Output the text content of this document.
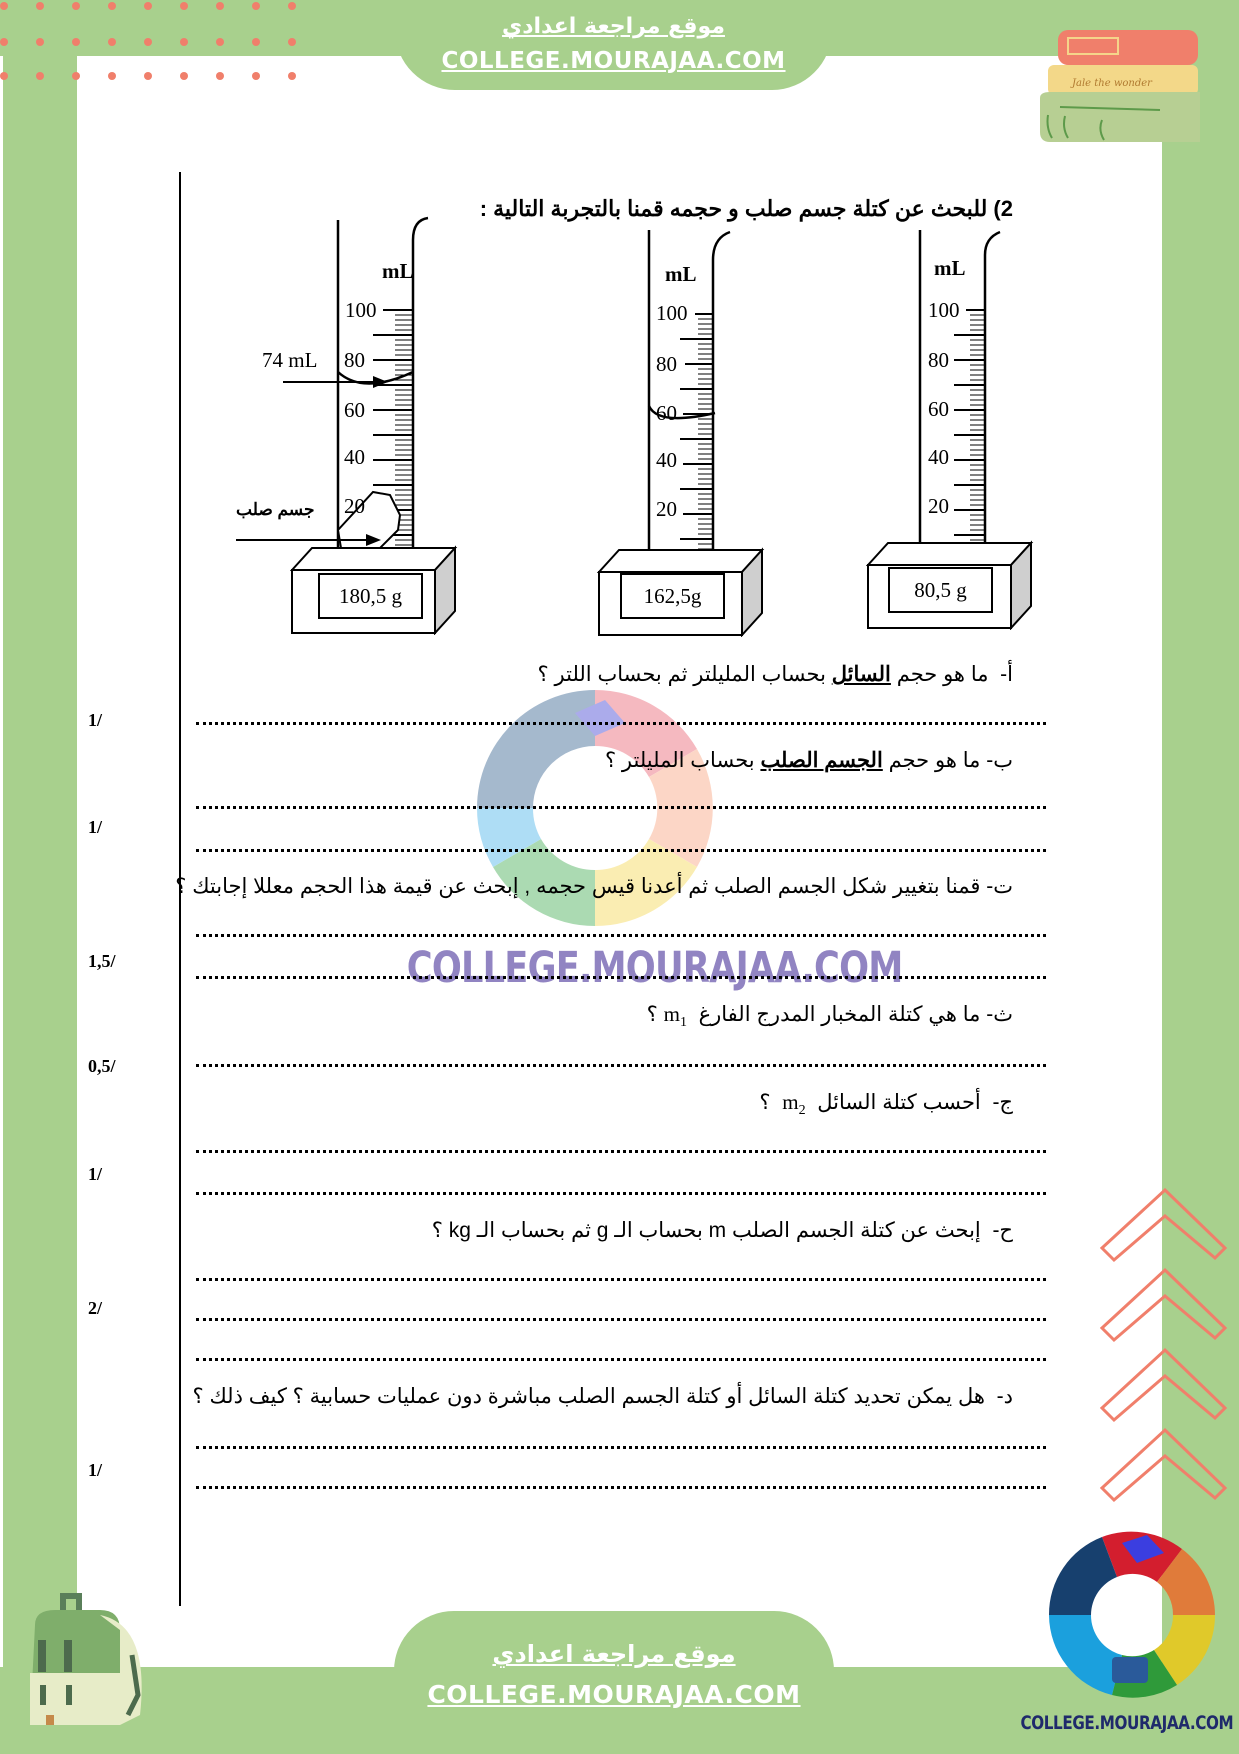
موقع مراجعة اعدادي
COLLEGE.MOURAJAA.COM
Jale the wonder
2) للبحث عن كتلة جسم صلب و حجمه قمنا بالتجربة التالية :
mL
100
80
60
40
20
74 mL
جسم صلب
180,5 g
mL
100
80
60
40
20
162,5g
mL
100
80
60
40
20
80,5 g
COLLEGE.MOURAJAA.COM
أ-  ما هو حجم السائل بحساب المليلتر ثم بحساب اللتر ؟
1/
ب- ما هو حجم الجسم الصلب بحساب المليلتر ؟
1/
ت- قمنا بتغيير شكل الجسم الصلب ثم أعدنا قيس حجمه , إبحث عن قيمة هذا الحجم معللا إجابتك ؟
1,5/
ث- ما هي كتلة المخبار المدرج الفارغ  $m_1$ ؟
0,5/
ج-  أحسب كتلة السائل  $m_2$  ؟
1/
ح-  إبحث عن كتلة الجسم الصلب m بحساب الـ g ثم بحساب الـ kg ؟
2/
د-  هل يمكن تحديد كتلة السائل أو كتلة الجسم الصلب مباشرة دون عمليات حسابية ؟ كيف ذلك ؟
1/
موقع مراجعة اعدادي
COLLEGE.MOURAJAA.COM
COLLEGE.MOURAJAA.COM
